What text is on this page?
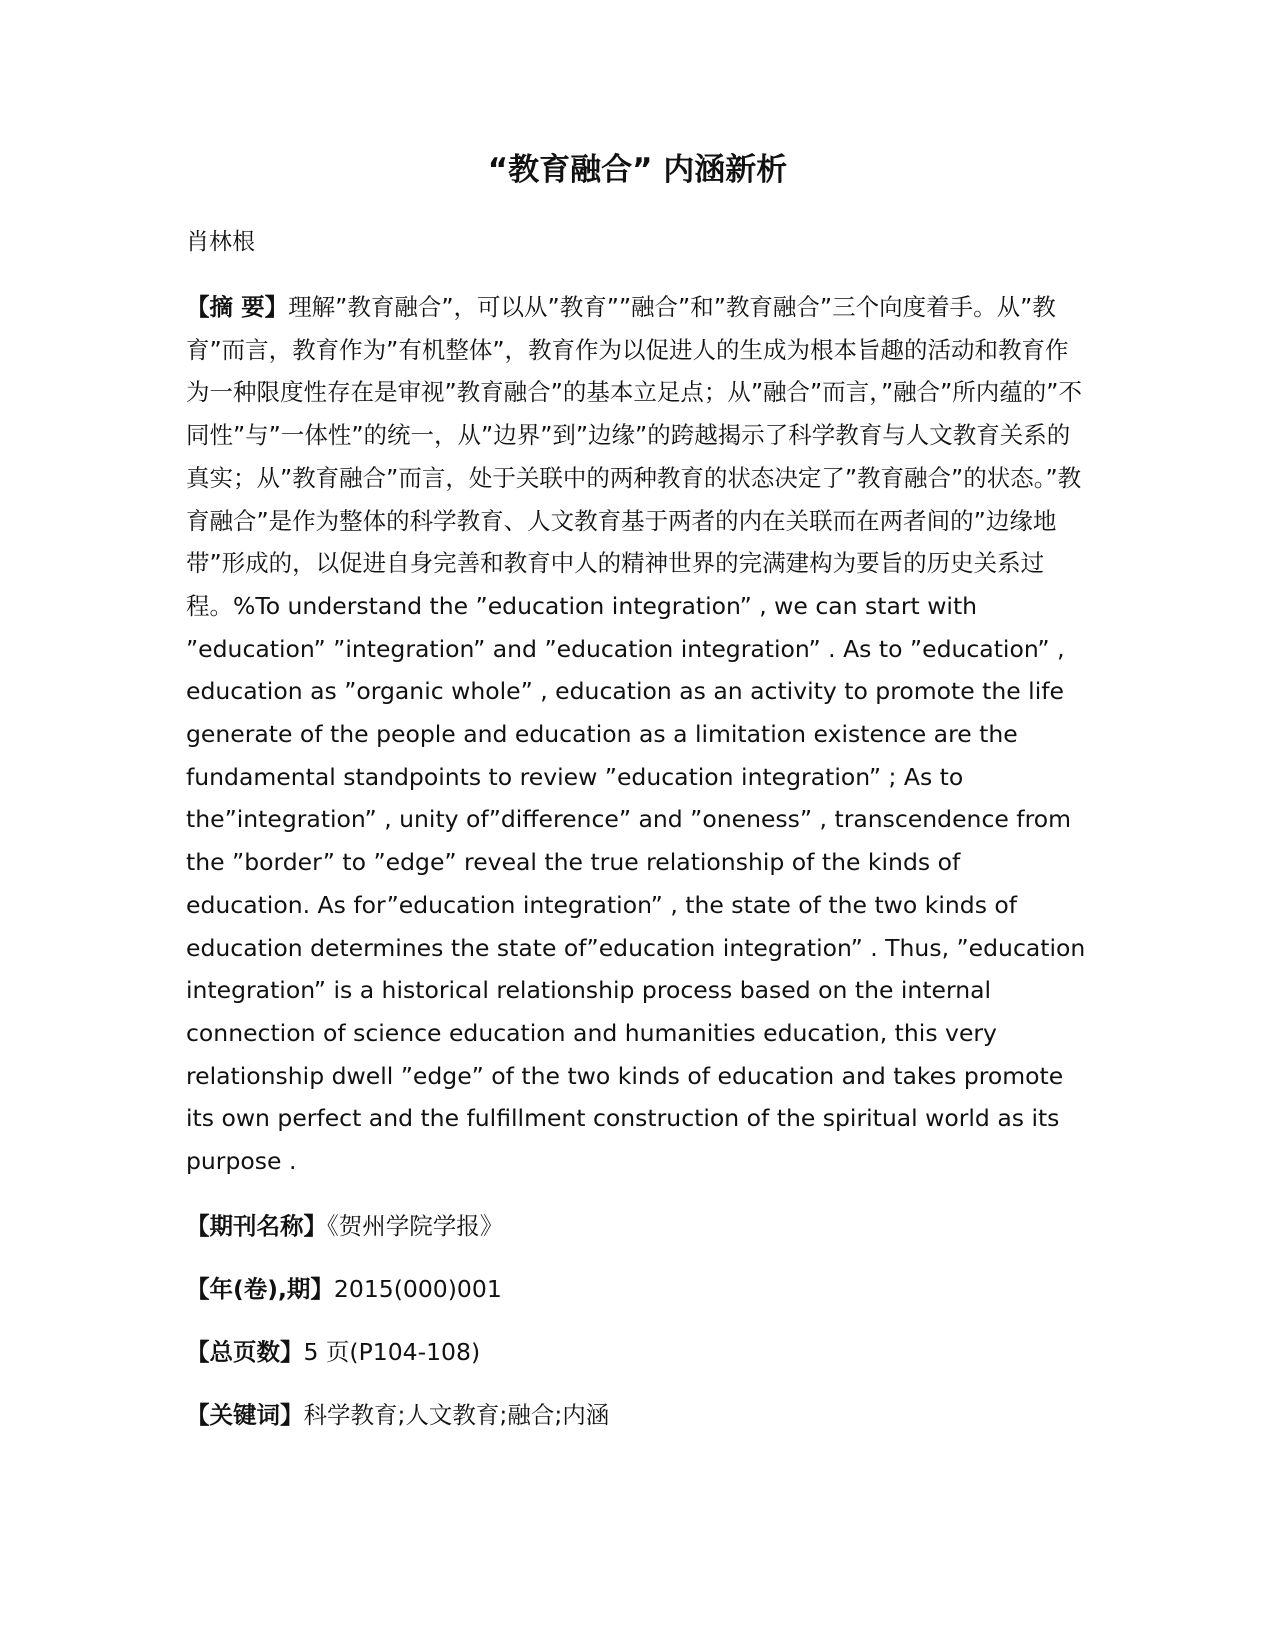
“教育融合” 内涵新析

肖林根

【摘 要】理解”教育融合”，可以从”教育””融合”和”教育融合”三个向度着手。从”教育”而言，教育作为”有机整体”，教育作为以促进人的生成为根本旨趣的活动和教育作为一种限度性存在是审视”教育融合”的基本立足点；从”融合”而言，”融合”所内蕴的”不同性”与”一体性”的统一，从”边界”到”边缘”的跨越揭示了科学教育与人文教育关系的真实；从”教育融合”而言，处于关联中的两种教育的状态决定了”教育融合”的状态。”教育融合”是作为整体的科学教育、人文教育基于两者的内在关联而在两者间的”边缘地带”形成的，以促进自身完善和教育中人的精神世界的完满建构为要旨的历史关系过程。%To understand the ”education integration” , we can start with ”education” ”integration” and ”education integration” . As to ”education” , education as ”organic whole” , education as an activity to promote the life generate of the people and education as a limitation existence are the fundamental standpoints to review ”education integration” ; As to the”integration” , unity of”difference” and ”oneness” , transcendence from the ”border” to ”edge” reveal the true relationship of the kinds of education. As for”education integration” , the state of the two kinds of education determines the state of”education integration” . Thus, ”education integration” is a historical relationship process based on the internal connection of science education and humanities education, this very relationship dwell ”edge” of the two kinds of education and takes promote its own perfect and the fulfillment construction of the spiritual world as its purpose .

【期刊名称】《贺州学院学报》

【年(卷),期】2015(000)001

【总页数】5 页(P104-108)

【关键词】科学教育;人文教育;融合;内涵
